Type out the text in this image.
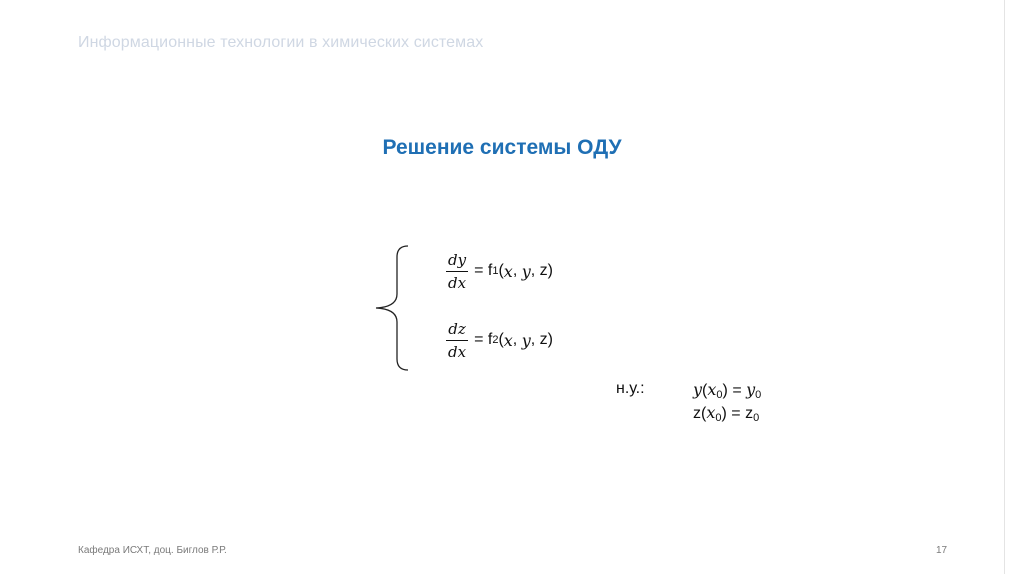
Информационные технологии в химических системах
Решение системы ОДУ
$\frac{dy}{dx}$ =
f 1 ( x ,
y ,
z )
$\frac{dz}{dx}$ =
f 2 ( x ,
y ,
z )
н.у.:	$y(x_0) = y_0$
$z(x_0) = z_0$
Кафедра ИСХТ, доц. Биглов Р.Р.	17
